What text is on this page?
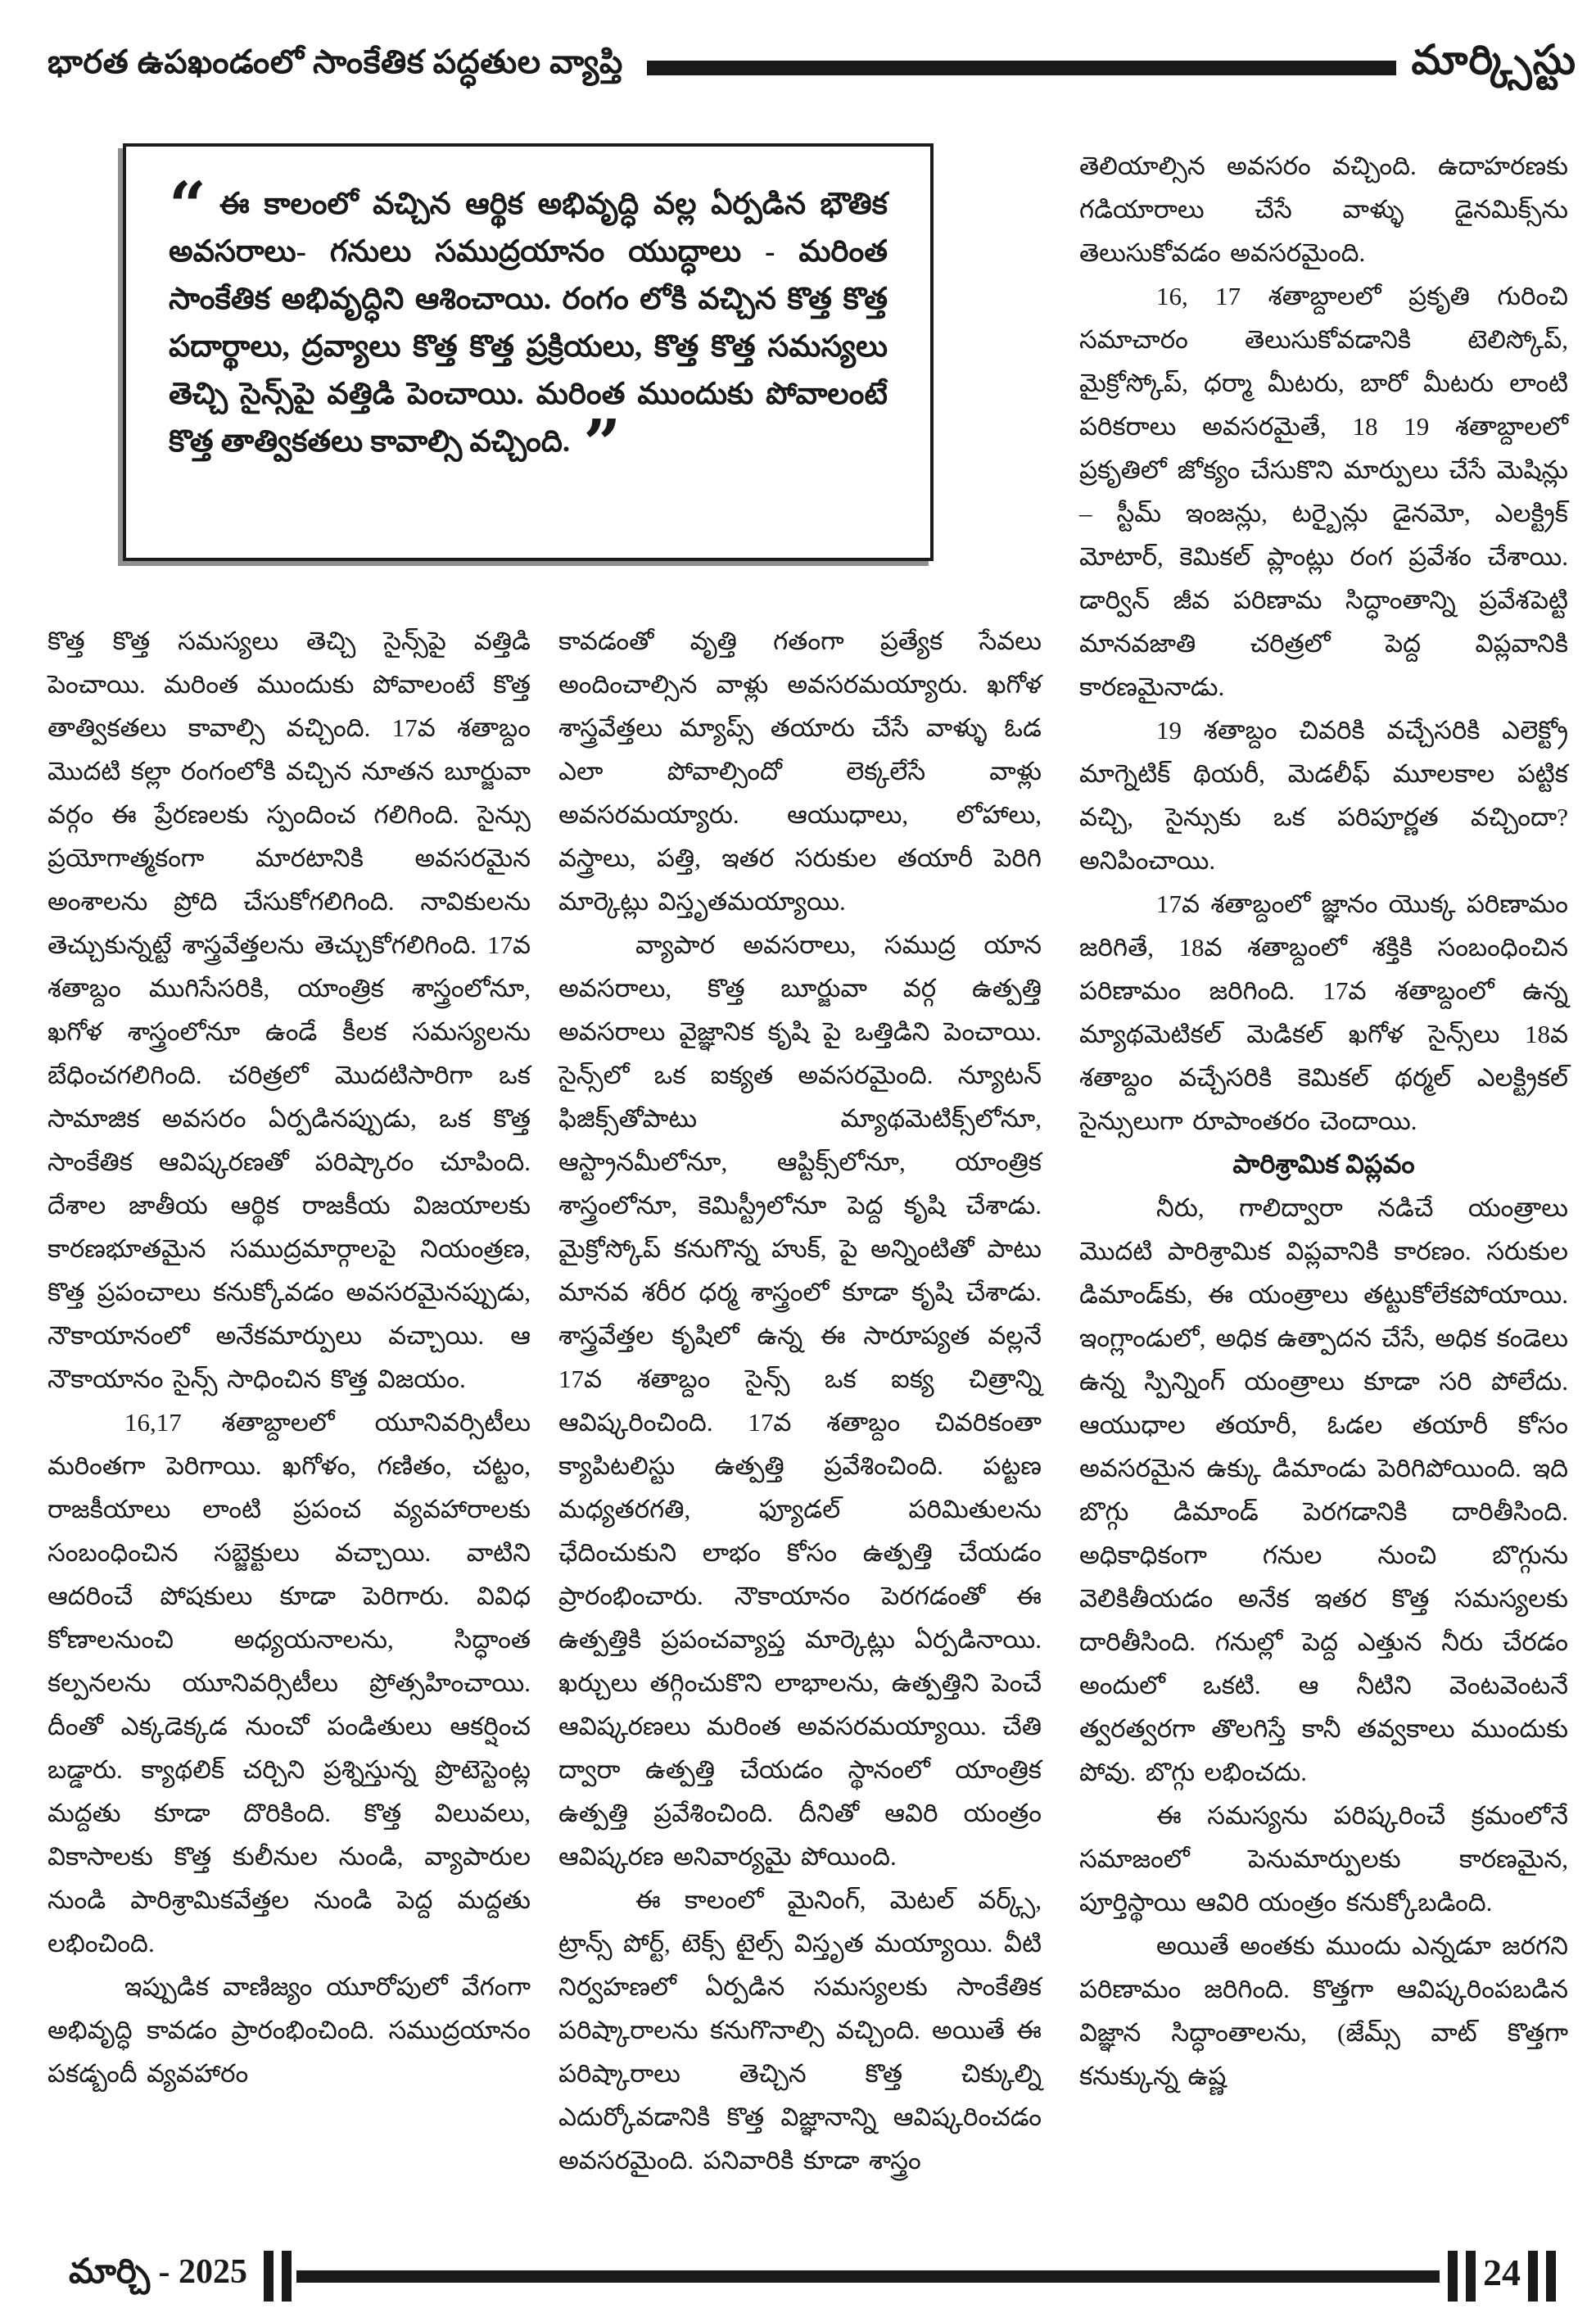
భారత ఉపఖండంలో సాంకేతిక పద్ధతుల వ్యాప్తి	మార్క్సిస్టు
“ ఈ కాలంలో వచ్చిన ఆర్థిక అభివృద్ధి వల్ల ఏర్పడిన భౌతిక అవసరాలు- గనులు సముద్రయానం యుద్ధాలు - మరింత సాంకేతిక అభివృద్ధిని ఆశించాయి. రంగం లోకి వచ్చిన కొత్త కొత్త పదార్థాలు, ద్రవ్యాలు కొత్త కొత్త ప్రక్రియలు, కొత్త కొత్త సమస్యలు తెచ్చి సైన్స్‌పై వత్తిడి పెంచాయి. మరింత ముందుకు పోవాలంటే కొత్త తాత్వికతలు కావాల్సి వచ్చింది. ”

కొత్త కొత్త సమస్యలు తెచ్చి సైన్స్‌పై వత్తిడి పెంచాయి. మరింత ముందుకు పోవాలంటే కొత్త తాత్వికతలు కావాల్సి వచ్చింది. 17వ శతాబ్దం మొదటి కల్లా రంగంలోకి వచ్చిన నూతన బూర్జువా వర్గం ఈ ప్రేరణలకు స్పందించ గలిగింది. సైన్సు ప్రయోగాత్మకంగా మారటానికి అవసరమైన అంశాలను ప్రోది చేసుకోగలిగింది. నావికులను తెచ్చుకున్నట్టే శాస్త్రవేత్తలను తెచ్చుకోగలిగింది. 17వ శతాబ్దం ముగిసేసరికి, యాంత్రిక శాస్త్రంలోనూ, ఖగోళ శాస్త్రంలోనూ ఉండే కీలక సమస్యలను బేధించగలిగింది. చరిత్రలో మొదటిసారిగా ఒక సామాజిక అవసరం ఏర్పడినప్పుడు, ఒక కొత్త సాంకేతిక ఆవిష్కరణతో పరిష్కారం చూపింది. దేశాల జాతీయ ఆర్థిక రాజకీయ విజయాలకు కారణభూతమైన సముద్రమార్గాలపై నియంత్రణ, కొత్త ప్రపంచాలు కనుక్కోవడం అవసరమైనప్పుడు, నౌకాయానంలో అనేకమార్పులు వచ్చాయి. ఆ నౌకాయానం సైన్స్ సాధించిన కొత్త విజయం.

16,17 శతాబ్దాలలో యూనివర్సిటీలు మరింతగా పెరిగాయి. ఖగోళం, గణితం, చట్టం, రాజకీయాలు లాంటి ప్రపంచ వ్యవహారాలకు సంబంధించిన సబ్జెక్టులు వచ్చాయి. వాటిని ఆదరించే పోషకులు కూడా పెరిగారు. వివిధ కోణాలనుంచి అధ్యయనాలను, సిద్ధాంత కల్పనలను యూనివర్సిటీలు ప్రోత్సహించాయి. దీంతో ఎక్కడెక్కడ నుంచో పండితులు ఆకర్షించ బడ్డారు. క్యాథలిక్ చర్చిని ప్రశ్నిస్తున్న ప్రొటెస్టెంట్ల మద్దతు కూడా దొరికింది. కొత్త విలువలు, వికాసాలకు కొత్త కులీనుల నుండి, వ్యాపారుల నుండి పారిశ్రామికవేత్తల నుండి పెద్ద మద్దతు లభించింది.

ఇప్పుడిక వాణిజ్యం యూరోపులో వేగంగా అభివృద్ధి కావడం ప్రారంభించింది. సముద్రయానం పకడ్బందీ వ్యవహారం

కావడంతో వృత్తి గతంగా ప్రత్యేక సేవలు అందించాల్సిన వాళ్లు అవసరమయ్యారు. ఖగోళ శాస్త్రవేత్తలు మ్యాప్స్ తయారు చేసే వాళ్ళు ఓడ ఎలా పోవాల్సిందో లెక్కలేసే వాళ్లు అవసరమయ్యారు. ఆయుధాలు, లోహాలు, వస్త్రాలు, పత్తి, ఇతర సరుకుల తయారీ పెరిగి మార్కెట్లు విస్తృతమయ్యాయి.

వ్యాపార అవసరాలు, సముద్ర యాన అవసరాలు, కొత్త బూర్జువా వర్గ ఉత్పత్తి అవసరాలు వైజ్ఞానిక కృషి పై ఒత్తిడిని పెంచాయి. సైన్స్‌లో ఒక ఐక్యత అవసరమైంది. న్యూటన్ ఫిజిక్స్‌తోపాటు మ్యాథమెటిక్స్‌లోనూ, ఆస్ట్రానమీలోనూ, ఆప్టిక్స్‌లోనూ, యాంత్రిక శాస్త్రంలోనూ, కెమిస్ట్రీలోనూ పెద్ద కృషి చేశాడు. మైక్రోస్కోప్ కనుగొన్న హుక్, పై అన్నింటితో పాటు మానవ శరీర ధర్మ శాస్త్రంలో కూడా కృషి చేశాడు. శాస్త్రవేత్తల కృషిలో ఉన్న ఈ సారూప్యత వల్లనే 17వ శతాబ్దం సైన్స్ ఒక ఐక్య చిత్రాన్ని ఆవిష్కరించింది. 17వ శతాబ్దం చివరికంతా క్యాపిటలిస్టు ఉత్పత్తి ప్రవేశించింది. పట్టణ మధ్యతరగతి, ఫ్యూడల్ పరిమితులను ఛేదించుకుని లాభం కోసం ఉత్పత్తి చేయడం ప్రారంభించారు. నౌకాయానం పెరగడంతో ఈ ఉత్పత్తికి ప్రపంచవ్యాప్త మార్కెట్లు ఏర్పడినాయి. ఖర్చులు తగ్గించుకొని లాభాలను, ఉత్పత్తిని పెంచే ఆవిష్కరణలు మరింత అవసరమయ్యాయి. చేతి ద్వారా ఉత్పత్తి చేయడం స్థానంలో యాంత్రిక ఉత్పత్తి ప్రవేశించింది. దీనితో ఆవిరి యంత్రం ఆవిష్కరణ అనివార్యమై పోయింది.

ఈ కాలంలో మైనింగ్, మెటల్ వర్క్స్, ట్రాన్స్ పోర్ట్, టెక్స్ టైల్స్ విస్తృత మయ్యాయి. వీటి నిర్వహణలో ఏర్పడిన సమస్యలకు సాంకేతిక పరిష్కారాలను కనుగొనాల్సి వచ్చింది. అయితే ఈ పరిష్కారాలు తెచ్చిన కొత్త చిక్కుల్ని ఎదుర్కోవడానికి కొత్త విజ్ఞానాన్ని ఆవిష్కరించడం అవసరమైంది. పనివారికి కూడా శాస్త్రం

తెలియాల్సిన అవసరం వచ్చింది. ఉదాహరణకు గడియారాలు చేసే వాళ్ళు డైనమిక్స్‌ను తెలుసుకోవడం అవసరమైంది.

16, 17 శతాబ్దాలలో ప్రకృతి గురించి సమాచారం తెలుసుకోవడానికి టెలిస్కోప్, మైక్రోస్కోప్, ధర్మా మీటరు, బారో మీటరు లాంటి పరికరాలు అవసరమైతే, 18 19 శతాబ్దాలలో ప్రకృతిలో జోక్యం చేసుకొని మార్పులు చేసే మెషిన్లు – స్టీమ్ ఇంజన్లు, టర్బైన్లు డైనమో, ఎలక్ట్రిక్ మోటార్, కెమికల్ ప్లాంట్లు రంగ ప్రవేశం చేశాయి. డార్విన్ జీవ పరిణామ సిద్ధాంతాన్ని ప్రవేశపెట్టి మానవజాతి చరిత్రలో పెద్ద విప్లవానికి కారణమైనాడు.

19 శతాబ్దం చివరికి వచ్చేసరికి ఎలెక్ట్రో మాగ్నెటిక్ థియరీ, మెడలీఫ్ మూలకాల పట్టిక వచ్చి, సైన్సుకు ఒక పరిపూర్ణత వచ్చిందా? అనిపించాయి.

17వ శతాబ్దంలో జ్ఞానం యొక్క పరిణామం జరిగితే, 18వ శతాబ్దంలో శక్తికి సంబంధించిన పరిణామం జరిగింది. 17వ శతాబ్దంలో ఉన్న మ్యాథమెటికల్ మెడికల్ ఖగోళ సైన్స్‌లు 18వ శతాబ్దం వచ్చేసరికి కెమికల్ థర్మల్ ఎలక్ట్రికల్ సైన్సులుగా రూపాంతరం చెందాయి.

పారిశ్రామిక విప్లవం

నీరు, గాలిద్వారా నడిచే యంత్రాలు మొదటి పారిశ్రామిక విప్లవానికి కారణం. సరుకుల డిమాండ్‌కు, ఈ యంత్రాలు తట్టుకోలేకపోయాయి. ఇంగ్లాండులో, అధిక ఉత్పాదన చేసే, అధిక కండెలు ఉన్న స్పిన్నింగ్ యంత్రాలు కూడా సరి పోలేదు. ఆయుధాల తయారీ, ఓడల తయారీ కోసం అవసరమైన ఉక్కు డిమాండు పెరిగిపోయింది. ఇది బొగ్గు డిమాండ్ పెరగడానికి దారితీసింది. అధికాధికంగా గనుల నుంచి బొగ్గును వెలికితీయడం అనేక ఇతర కొత్త సమస్యలకు దారితీసింది. గనుల్లో పెద్ద ఎత్తున నీరు చేరడం అందులో ఒకటి. ఆ నీటిని వెంటవెంటనే త్వరత్వరగా తొలగిస్తే కానీ తవ్వకాలు ముందుకు పోవు. బొగ్గు లభించదు.

ఈ సమస్యను పరిష్కరించే క్రమంలోనే సమాజంలో పెనుమార్పులకు కారణమైన, పూర్తిస్థాయి ఆవిరి యంత్రం కనుక్కోబడింది.

అయితే అంతకు ముందు ఎన్నడూ జరగని పరిణామం జరిగింది. కొత్తగా ఆవిష్కరింపబడిన విజ్ఞాన సిద్ధాంతాలను, (జేమ్స్ వాట్ కొత్తగా కనుక్కున్న ఉష్ణ

మార్చి - 2025	24
